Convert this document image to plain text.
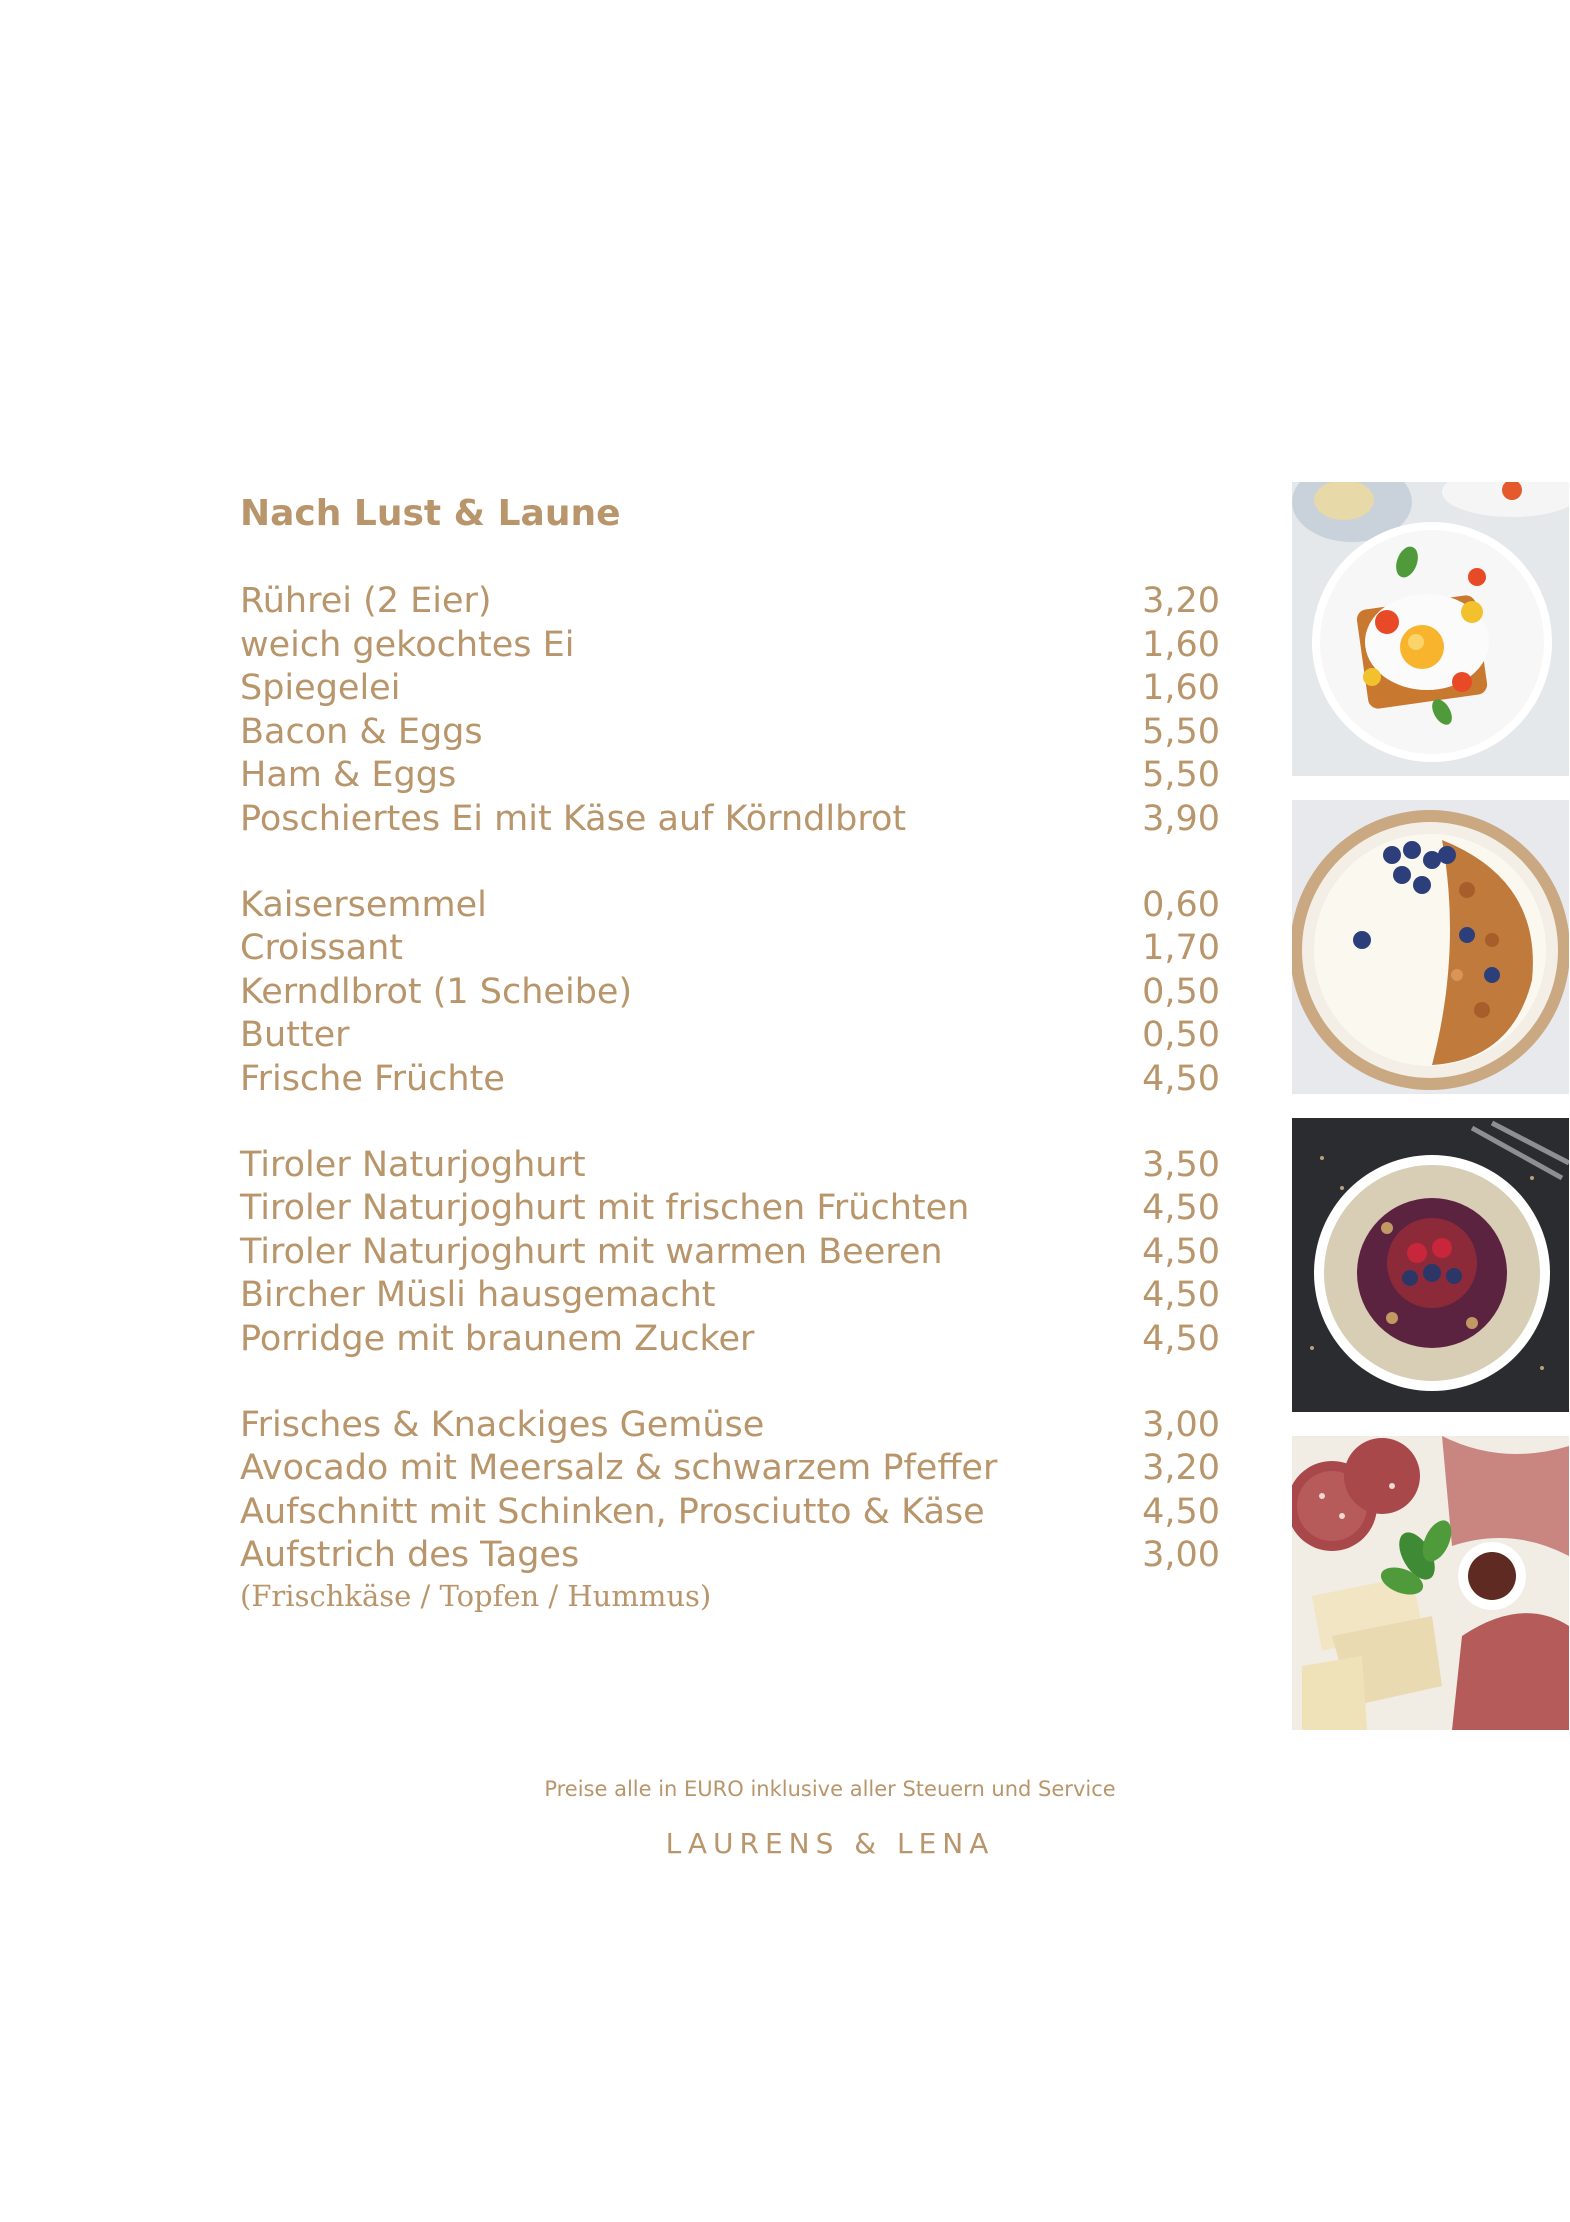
Nach Lust & Laune
Rührei (2 Eier)	3,20
weich gekochtes Ei	1,60
Spiegelei	1,60
Bacon & Eggs	5,50
Ham & Eggs	5,50
Poschiertes Ei mit Käse auf Körndlbrot	3,90
Kaisersemmel	0,60
Croissant	1,70
Kerndlbrot (1 Scheibe)	0,50
Butter	0,50
Frische Früchte	4,50
Tiroler Naturjoghurt	3,50
Tiroler Naturjoghurt mit frischen Früchten	4,50
Tiroler Naturjoghurt mit warmen Beeren	4,50
Bircher Müsli hausgemacht	4,50
Porridge mit braunem Zucker	4,50
Frisches & Knackiges Gemüse	3,00
Avocado mit Meersalz & schwarzem Pfeffer	3,20
Aufschnitt mit Schinken, Prosciutto & Käse	4,50
Aufstrich des Tages	3,00
(Frischkäse / Topfen / Hummus)
Preise alle in EURO inklusive aller Steuern und Service
LAURENS & LENA
